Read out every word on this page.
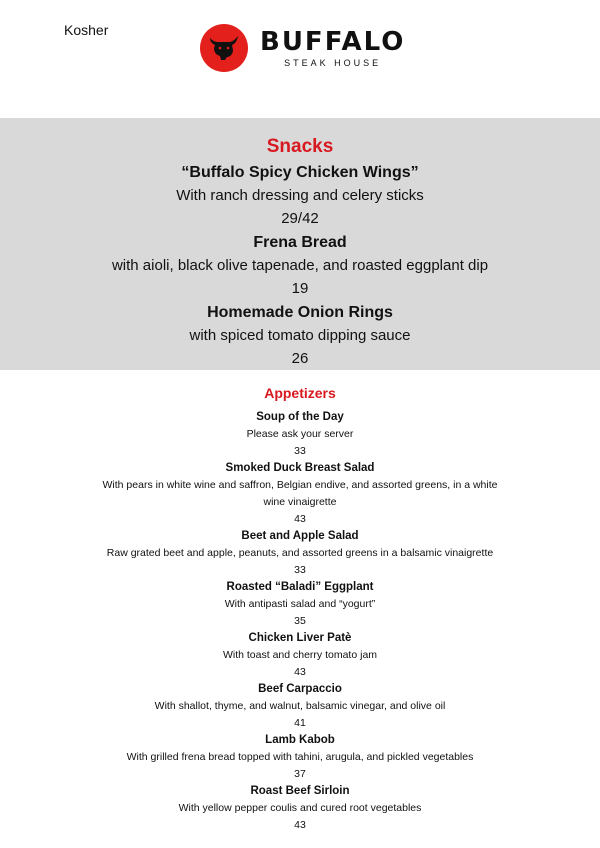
Kosher	BUFFALO
STEAK HOUSE
Snacks
“Buffalo Spicy Chicken Wings”
With ranch dressing and celery sticks
29/42
Frena Bread
with aioli, black olive tapenade, and roasted eggplant dip
19
Homemade Onion Rings
with spiced tomato dipping sauce
26
Appetizers
Soup of the Day
Please ask your server
33
Smoked Duck Breast Salad
With pears in white wine and saffron, Belgian endive, and assorted greens, in a white wine vinaigrette
43
Beet and Apple Salad
Raw grated beet and apple, peanuts, and assorted greens in a balsamic vinaigrette
33
Roasted “Baladi” Eggplant
With antipasti salad and “yogurt”
35
Chicken Liver Patè
With toast and cherry tomato jam
43
Beef Carpaccio
With shallot, thyme, and walnut, balsamic vinegar, and olive oil
41
Lamb Kabob
With grilled frena bread topped with tahini, arugula, and pickled vegetables
37
Roast Beef Sirloin
With yellow pepper coulis and cured root vegetables
43
